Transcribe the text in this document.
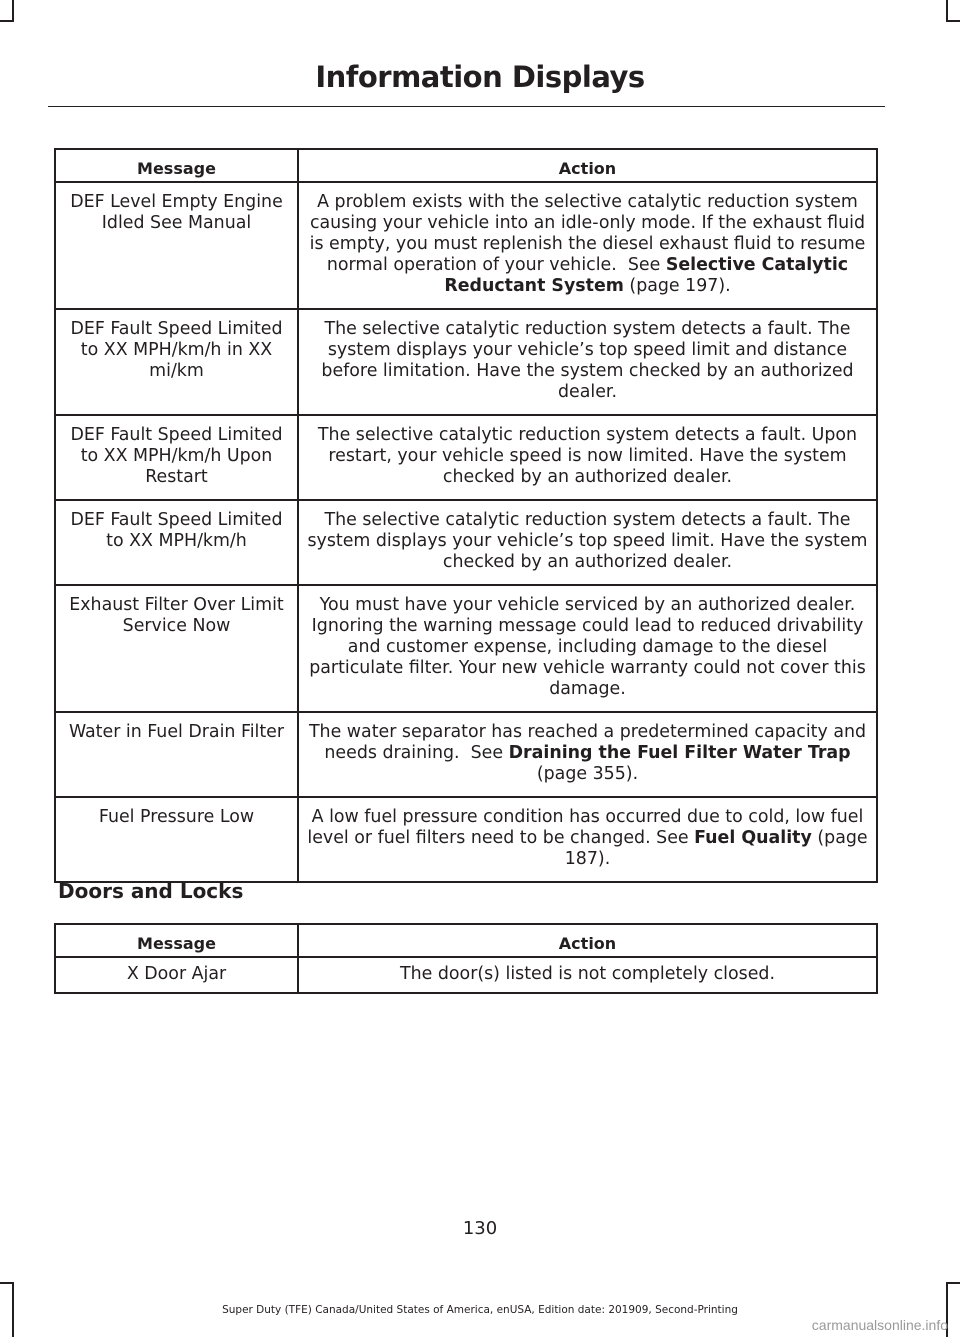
Information Displays
Message	Action
DEF Level Empty Engine Idled See Manual	A problem exists with the selective catalytic reduction system causing your vehicle into an idle-only mode. If the exhaust fluid is empty, you must replenish the diesel exhaust fluid to resume normal operation of your vehicle. See Selective Catalytic Reductant System (page 197).
DEF Fault Speed Limited to XX MPH/km/h in XX mi/km	The selective catalytic reduction system detects a fault. The system displays your vehicle’s top speed limit and distance before limitation. Have the system checked by an authorized dealer.
DEF Fault Speed Limited to XX MPH/km/h Upon Restart	The selective catalytic reduction system detects a fault. Upon restart, your vehicle speed is now limited. Have the system checked by an authorized dealer.
DEF Fault Speed Limited to XX MPH/km/h	The selective catalytic reduction system detects a fault. The system displays your vehicle’s top speed limit. Have the system checked by an authorized dealer.
Exhaust Filter Over Limit Service Now	You must have your vehicle serviced by an authorized dealer. Ignoring the warning message could lead to reduced drivability and customer expense, including damage to the diesel particulate filter. Your new vehicle warranty could not cover this damage.
Water in Fuel Drain Filter	The water separator has reached a predetermined capacity and needs draining. See Draining the Fuel Filter Water Trap (page 355).
Fuel Pressure Low	A low fuel pressure condition has occurred due to cold, low fuel level or fuel filters need to be changed. See Fuel Quality (page 187).
Doors and Locks
Message	Action
X Door Ajar	The door(s) listed is not completely closed.
130
Super Duty (TFE) Canada/United States of America, enUSA, Edition date: 201909, Second-Printing
carmanualsonline.info
